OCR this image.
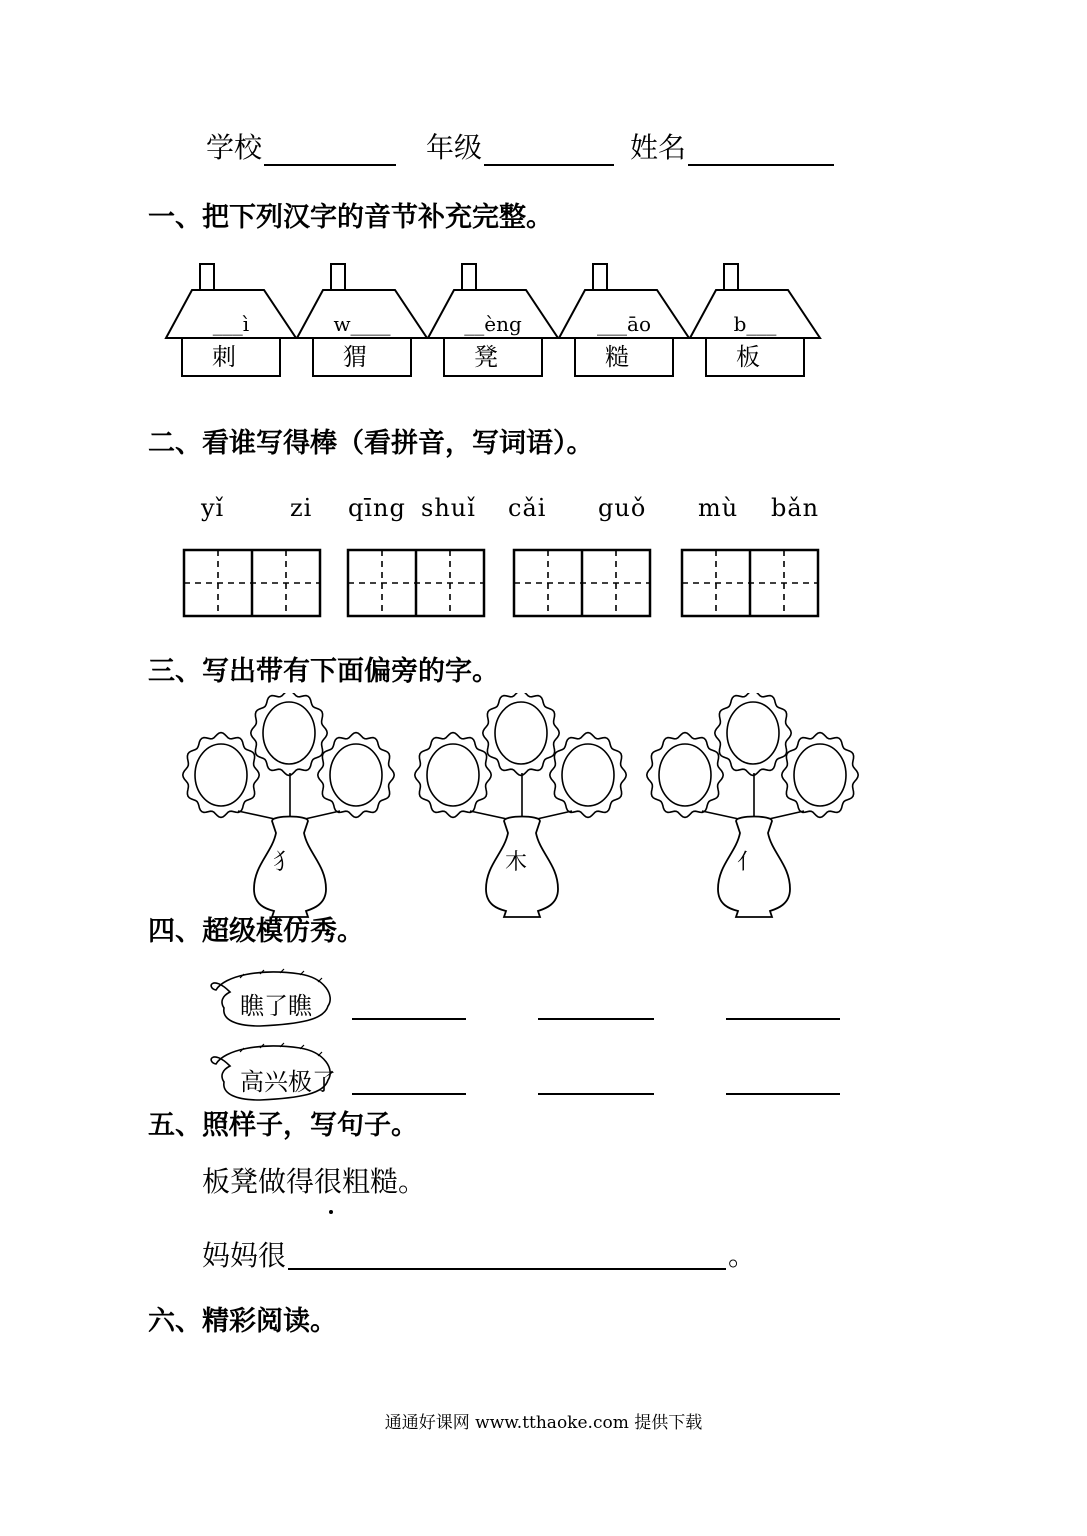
学校	年级	姓名
一、把下列汉字的音节补充完整。
___ì
刺
w____
猬
__èng
凳
___āo
糙
b___
板
二、看谁写得棒（看拼音，写词语）。
yǐ	zi qīng shuǐ cǎi guǒ mù bǎn
三、写出带有下面偏旁的字。
犭	木	亻
四、超级模仿秀。
瞧了瞧
高兴极了
五、照样子，写句子。
板凳做得很粗糙。
妈妈很	。
六、精彩阅读。
通通好课网 www.tthaoke.com 提供下载
